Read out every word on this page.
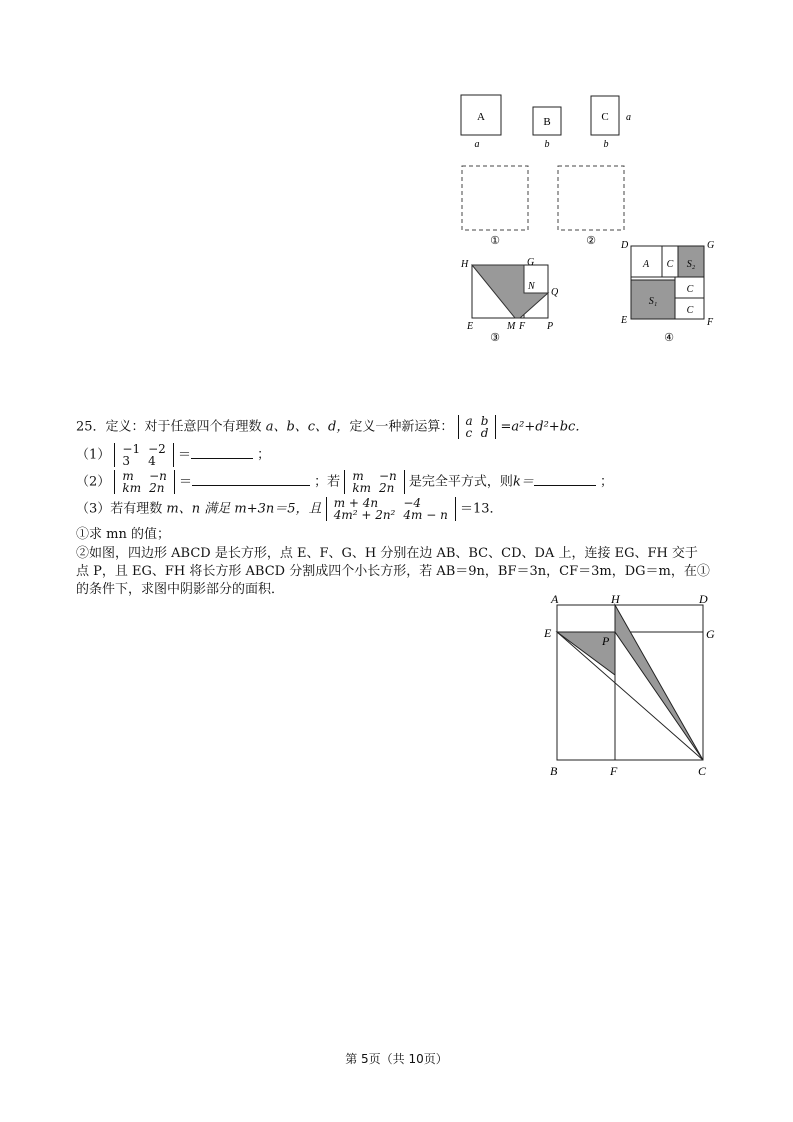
A
a
B
b
C a
b
①	②
H	G
N
Q
E	M F P
③
D	G
E	F
A C S₂
S₁
C
C
④
25．定义：对于任意四个有理数 a、b、c、d，定义一种新运算： a	b
c	d =a²+d²+bc．
（1） −1	−2
3	4 ＝	；
（2） m	−n
km	2n ＝	；若 m	−n
km	2n 是完全平方式，则k＝	；
（3）若有理数 m、n 满足 m+3n＝5，且 m + 4n	−4
4m² + 2n²	4m − n ＝13．
①求 mn 的值；
②如图，四边形 ABCD 是长方形，点 E、F、G、H 分别在边 AB、BC、CD、DA 上，连接 EG、FH 交于
点 P，且 EG、FH 将长方形 ABCD 分割成四个小长方形，若 AB＝9n，BF＝3n，CF＝3m，DG＝m，在①
的条件下，求图中阴影部分的面积．
A	H	D
E
P	G
B	F	C
第 5页（共 10页）
